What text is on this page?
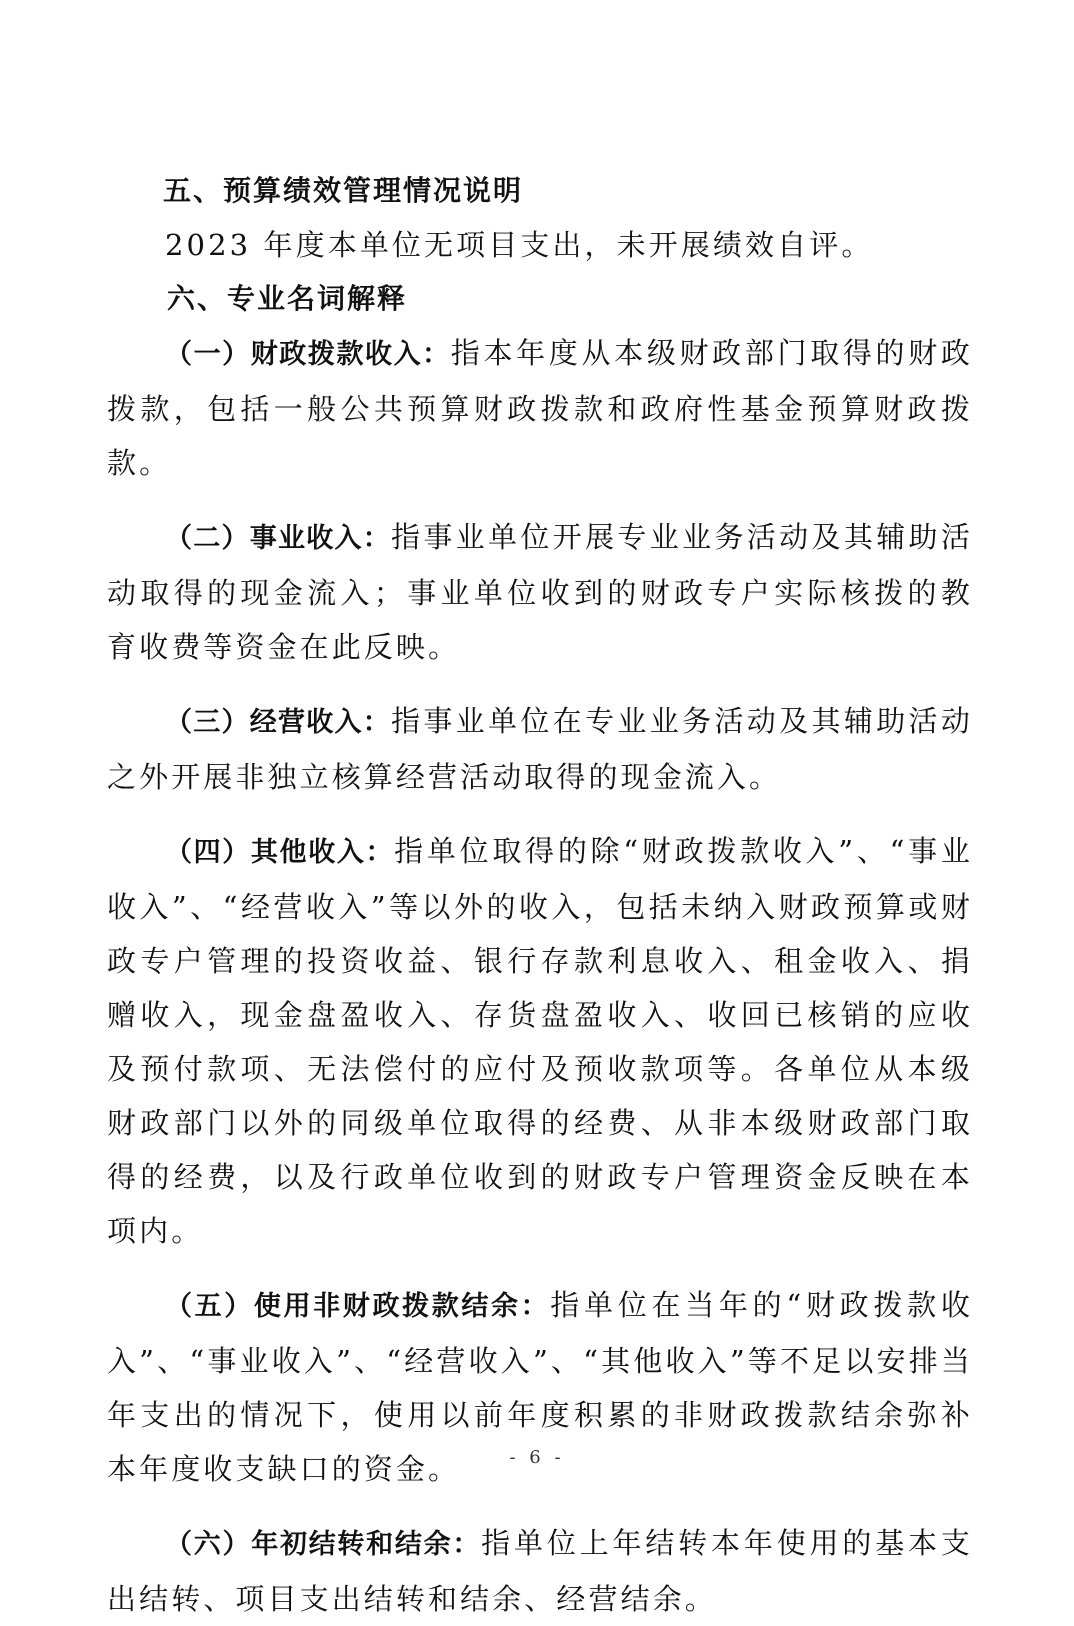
五、预算绩效管理情况说明

2023 年度本单位无项目支出，未开展绩效自评。

六、专业名词解释

（一）财政拨款收入：指本年度从本级财政部门取得的财政拨款，包括一般公共预算财政拨款和政府性基金预算财政拨款。

（二）事业收入：指事业单位开展专业业务活动及其辅助活动取得的现金流入；事业单位收到的财政专户实际核拨的教育收费等资金在此反映。

（三）经营收入：指事业单位在专业业务活动及其辅助活动之外开展非独立核算经营活动取得的现金流入。

（四）其他收入：指单位取得的除“财政拨款收入”、“事业收入”、“经营收入”等以外的收入，包括未纳入财政预算或财政专户管理的投资收益、银行存款利息收入、租金收入、捐赠收入，现金盘盈收入、存货盘盈收入、收回已核销的应收及预付款项、无法偿付的应付及预收款项等。各单位从本级财政部门以外的同级单位取得的经费、从非本级财政部门取得的经费，以及行政单位收到的财政专户管理资金反映在本项内。

（五）使用非财政拨款结余：指单位在当年的“财政拨款收入”、“事业收入”、“经营收入”、“其他收入”等不足以安排当年支出的情况下，使用以前年度积累的非财政拨款结余弥补本年度收支缺口的资金。

（六）年初结转和结余：指单位上年结转本年使用的基本支出结转、项目支出结转和结余、经营结余。

- 6 -
